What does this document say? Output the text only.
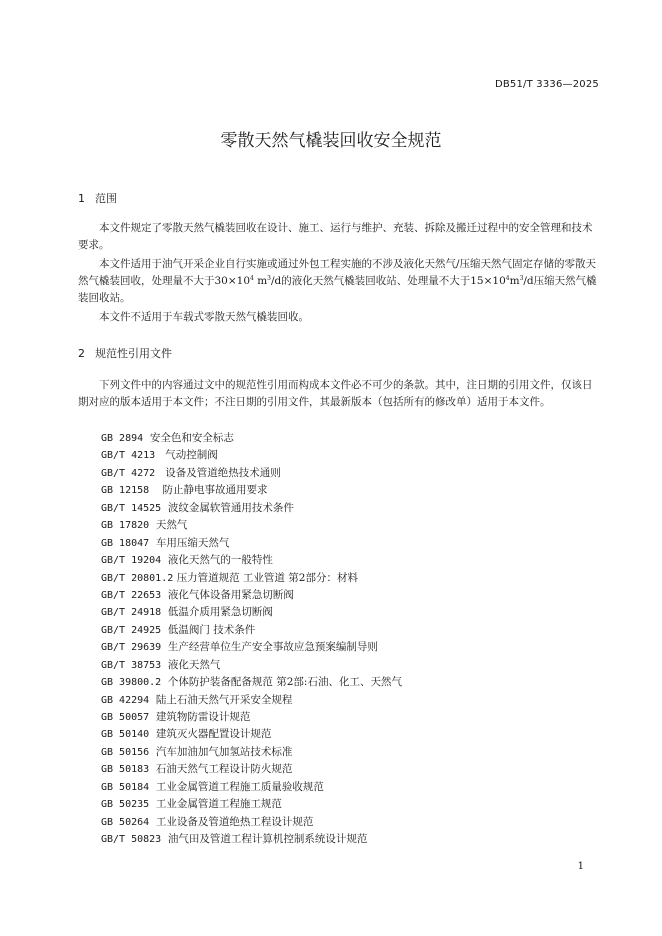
DB51/T 3336—2025
零散天然气橇装回收安全规范
1 范围

本文件规定了零散天然气橇装回收在设计、施工、运行与维护、充装、拆除及搬迁过程中的安全管理和技术要求。

本文件适用于油气开采企业自行实施或通过外包工程实施的不涉及液化天然气/压缩天然气固定存储的零散天然气橇装回收，处理量不大于$30\times 10^4$ $m^3/d$的液化天然气橇装回收站、处理量不大于$15\times 10^4m^3/d$压缩天然气橇装回收站。

本文件不适用于车载式零散天然气橇装回收。

2 规范性引用文件

下列文件中的内容通过文中的规范性引用而构成本文件必不可少的条款。其中，注日期的引用文件，仅该日期对应的版本适用于本文件；不注日期的引用文件，其最新版本（包括所有的修改单）适用于本文件。

GB 2894 安全色和安全标志
GB/T 4213 气动控制阀
GB/T 4272 设备及管道绝热技术通则
GB 12158 防止静电事故通用要求
GB/T 14525 波纹金属软管通用技术条件
GB 17820 天然气
GB 18047 车用压缩天然气
GB/T 19204 液化天然气的一般特性
GB/T 20801.2 压力管道规范 工业管道 第2部分：材料
GB/T 22653 液化气体设备用紧急切断阀
GB/T 24918 低温介质用紧急切断阀
GB/T 24925 低温阀门 技术条件
GB/T 29639 生产经营单位生产安全事故应急预案编制导则
GB/T 38753 液化天然气
GB 39800.2 个体防护装备配备规范 第2部:石油、化工、天然气
GB 42294 陆上石油天然气开采安全规程
GB 50057 建筑物防雷设计规范
GB 50140 建筑灭火器配置设计规范
GB 50156 汽车加油加气加氢站技术标准
GB 50183 石油天然气工程设计防火规范
GB 50184 工业金属管道工程施工质量验收规范
GB 50235 工业金属管道工程施工规范
GB 50264 工业设备及管道绝热工程设计规范
GB/T 50823 油气田及管道工程计算机控制系统设计规范
1
